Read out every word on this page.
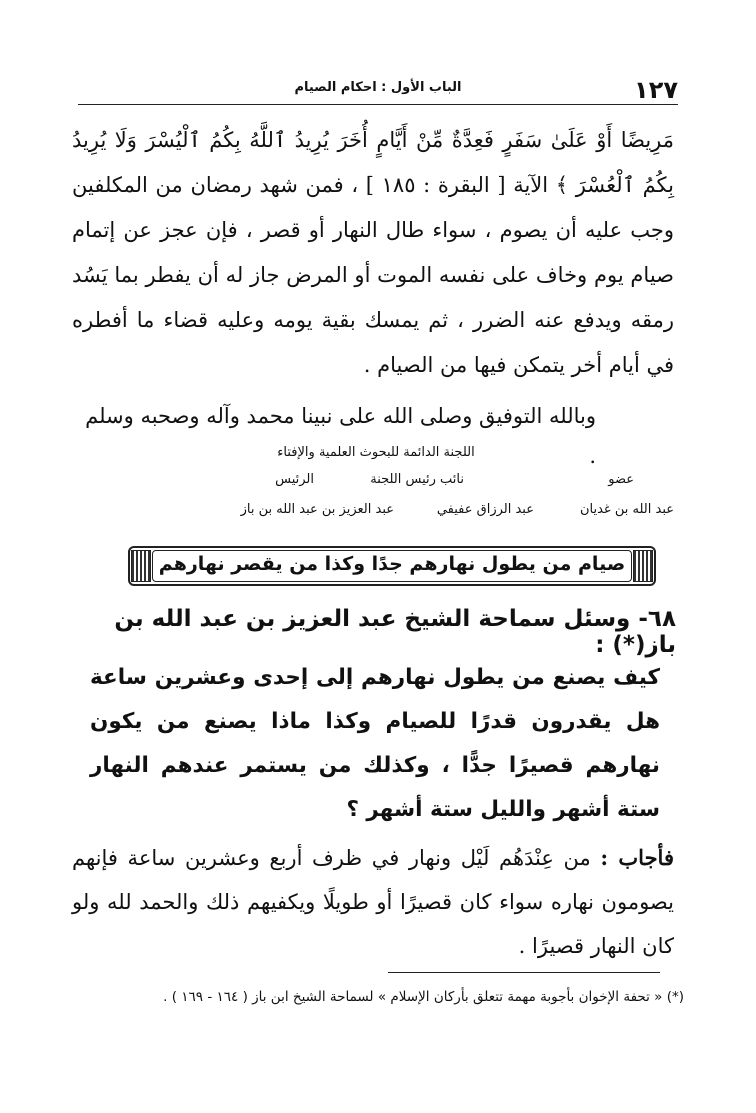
١٢٧
الباب الأول : احكام الصيام

مَرِيضًا أَوْ عَلَىٰ سَفَرٍ فَعِدَّةٌ مِّنْ أَيَّامٍ أُخَرَ يُرِيدُ ٱللَّهُ بِكُمُ ٱلْيُسْرَ وَلَا يُرِيدُ بِكُمُ ٱلْعُسْرَ ﴾ الآية [ البقرة : ١٨٥ ] ، فمن شهد رمضان من المكلفين وجب عليه أن يصوم ، سواء طال النهار أو قصر ، فإن عجز عن إتمام صيام يوم وخاف على نفسه الموت أو المرض جاز له أن يفطر بما يَسُد رمقه ويدفع عنه الضرر ، ثم يمسك بقية يومه وعليه قضاء ما أفطره في أيام أخر يتمكن فيها من الصيام .

وبالله التوفيق وصلى الله على نبينا محمد وآله وصحبه وسلم .
اللجنة الدائمة للبحوث العلمية والإفتاء
عضو
نائب رئيس اللجنة
الرئيس
عبد الله بن غديان
عبد الرزاق عفيفي
عبد العزيز بن عبد الله بن باز
صيام من يطول نهارهم جدًا وكذا من يقصر نهارهم
٦٨- وسئل سماحة الشيخ عبد العزيز بن عبد الله بن باز(*) :
كيف يصنع من يطول نهارهم إلى إحدى وعشرين ساعة هل يقدرون قدرًا للصيام وكذا ماذا يصنع من يكون نهارهم قصيرًا جدًّا ، وكذلك من يستمر عندهم النهار ستة أشهر والليل ستة أشهر ؟
فأجاب : من عِنْدَهُم لَيْل ونهار في ظرف أربع وعشرين ساعة فإنهم يصومون نهاره سواء كان قصيرًا أو طويلًا ويكفيهم ذلك والحمد لله ولو كان النهار قصيرًا .
(*) « تحفة الإخوان بأجوبة مهمة تتعلق بأركان الإسلام » لسماحة الشيخ ابن باز ( ١٦٤ - ١٦٩ ) .
